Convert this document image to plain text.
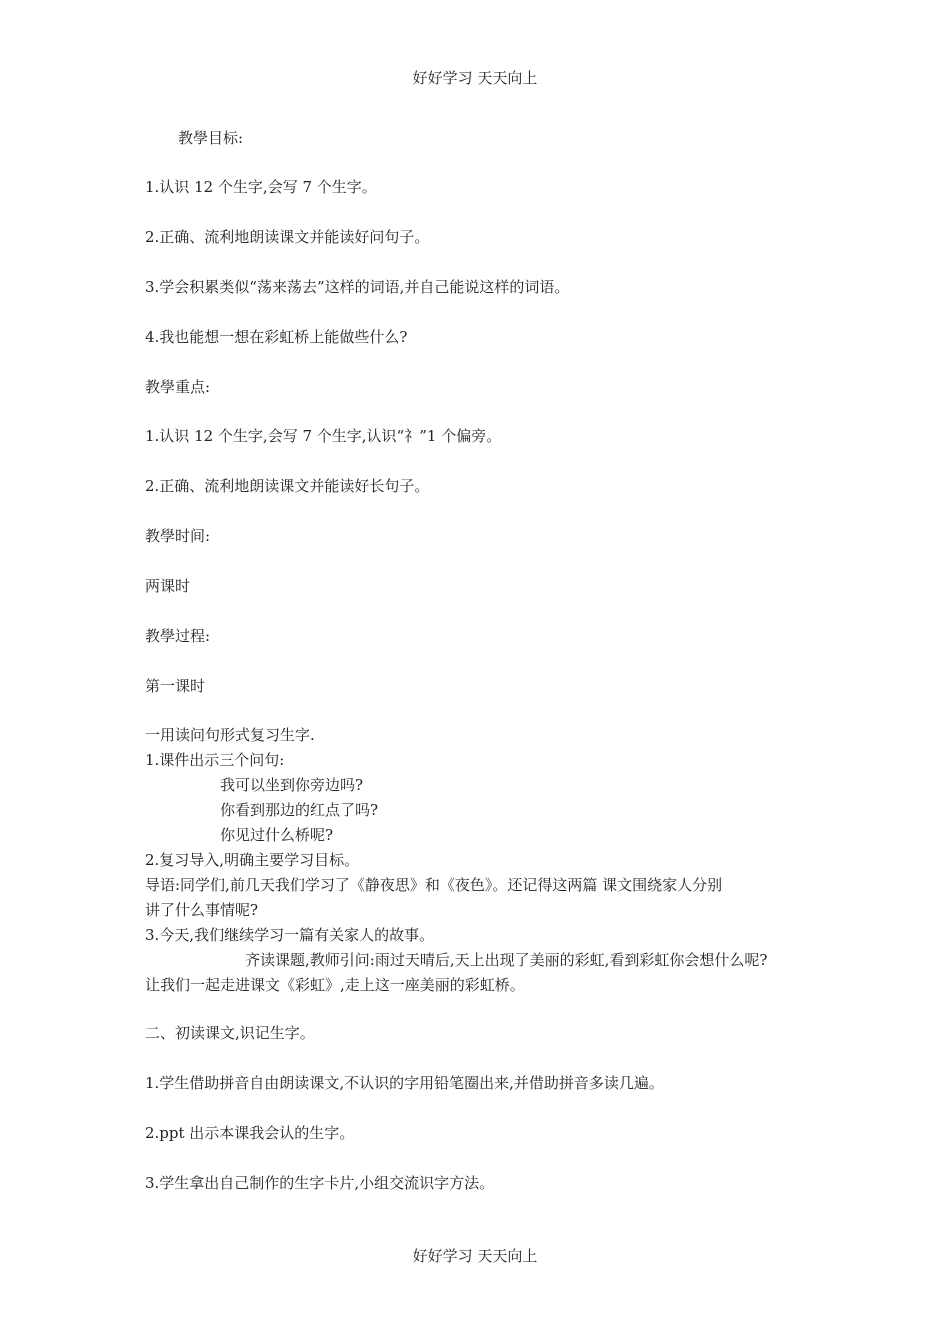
好好学习 天天向上
教學目标:
1.认识 12 个生字,会写 7 个生字。
2.正确、流利地朗读课文并能读好问句子。
3.学会积累类似“荡来荡去”这样的词语,并自己能说这样的词语。
4.我也能想一想在彩虹桥上能做些什么?
教學重点:
1.认识 12 个生字,会写 7 个生字,认识“礻”1 个偏旁。
2.正确、流利地朗读课文并能读好长句子。
教學时间:
两课时
教學过程:
第一课时
一用读问句形式复习生字.
1.课件出示三个问句:
我可以坐到你旁边吗?
你看到那边的红点了吗?
你见过什么桥呢?
2.复习导入,明确主要学习目标。
导语:同学们,前几天我们学习了《静夜思》和《夜色》。还记得这两篇 课文围绕家人分别
讲了什么事情呢?
3.今天,我们继续学习一篇有关家人的故事。
齐读课题,教师引问:雨过天晴后,天上出现了美丽的彩虹,看到彩虹你会想什么呢?
让我们一起走进课文《彩虹》,走上这一座美丽的彩虹桥。
二、初读课文,识记生字。
1.学生借助拼音自由朗读课文,不认识的字用铅笔圈出来,并借助拼音多读几遍。
2.ppt 出示本课我会认的生字。
3.学生拿出自己制作的生字卡片,小组交流识字方法。
好好学习 天天向上
